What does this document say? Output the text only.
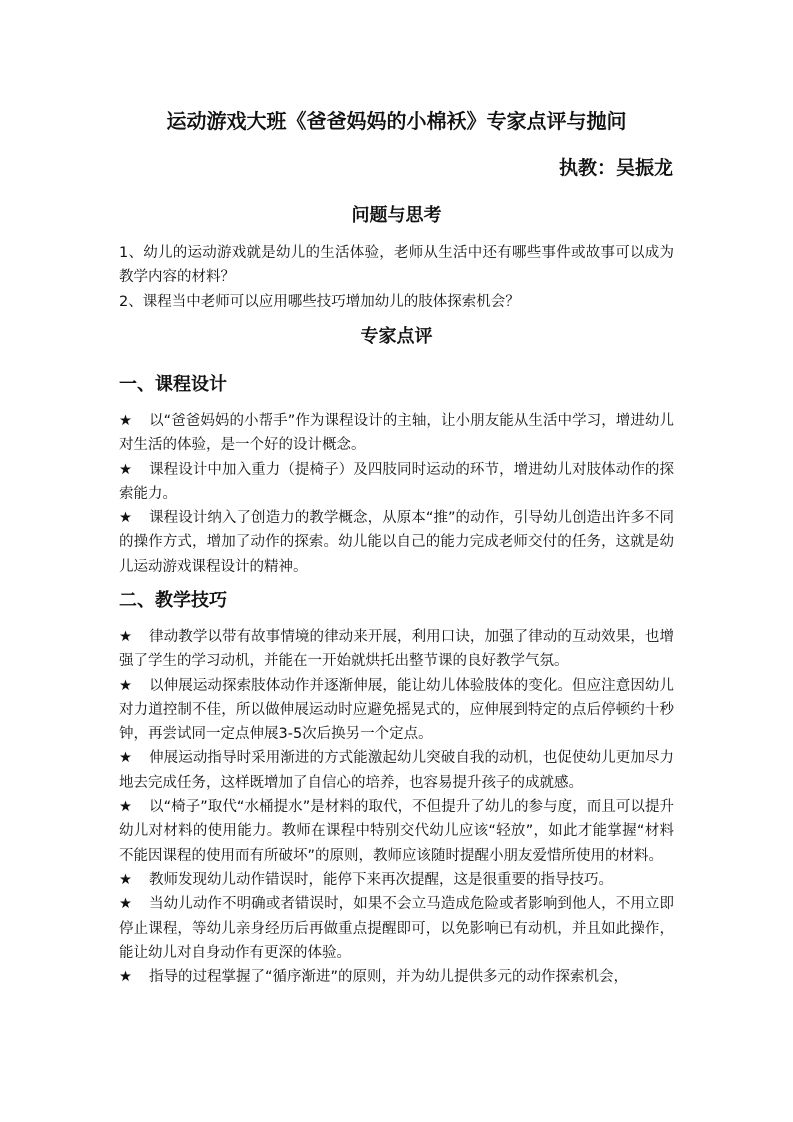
运动游戏大班《爸爸妈妈的小棉袄》专家点评与抛问
执教：吴振龙
问题与思考

1、幼儿的运动游戏就是幼儿的生活体验，老师从生活中还有哪些事件或故事可以成为教学内容的材料？

2、课程当中老师可以应用哪些技巧增加幼儿的肢体探索机会？

专家点评
一、课程设计

★ 以“爸爸妈妈的小帮手”作为课程设计的主轴，让小朋友能从生活中学习，增进幼儿对生活的体验，是一个好的设计概念。

★ 课程设计中加入重力（提椅子）及四肢同时运动的环节，增进幼儿对肢体动作的探索能力。

★ 课程设计纳入了创造力的教学概念，从原本“推”的动作，引导幼儿创造出许多不同的操作方式，增加了动作的探索。幼儿能以自己的能力完成老师交付的任务，这就是幼儿运动游戏课程设计的精神。

二、教学技巧

★ 律动教学以带有故事情境的律动来开展，利用口诀，加强了律动的互动效果，也增强了学生的学习动机，并能在一开始就烘托出整节课的良好教学气氛。

★ 以伸展运动探索肢体动作并逐渐伸展，能让幼儿体验肢体的变化。但应注意因幼儿对力道控制不佳，所以做伸展运动时应避免摇晃式的，应伸展到特定的点后停顿约十秒钟，再尝试同一定点伸展3-5次后换另一个定点。

★ 伸展运动指导时采用渐进的方式能激起幼儿突破自我的动机，也促使幼儿更加尽力地去完成任务，这样既增加了自信心的培养，也容易提升孩子的成就感。

★ 以“椅子”取代“水桶提水”是材料的取代，不但提升了幼儿的参与度，而且可以提升幼儿对材料的使用能力。教师在课程中特别交代幼儿应该“轻放”，如此才能掌握“材料不能因课程的使用而有所破坏”的原则，教师应该随时提醒小朋友爱惜所使用的材料。

★ 教师发现幼儿动作错误时，能停下来再次提醒，这是很重要的指导技巧。

★ 当幼儿动作不明确或者错误时，如果不会立马造成危险或者影响到他人，不用立即停止课程，等幼儿亲身经历后再做重点提醒即可，以免影响已有动机，并且如此操作，能让幼儿对自身动作有更深的体验。

★ 指导的过程掌握了“循序渐进”的原则，并为幼儿提供多元的动作探索机会，
